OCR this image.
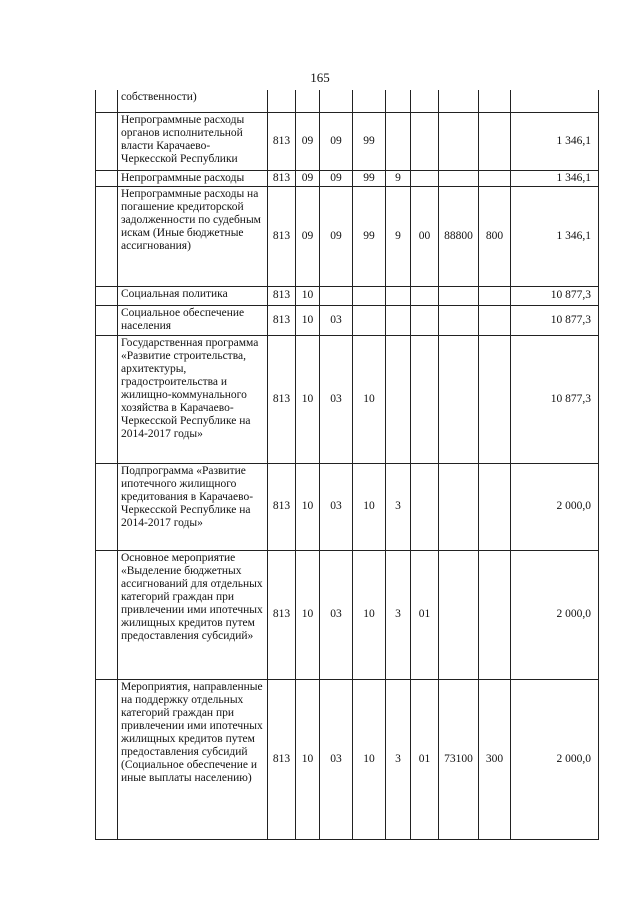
165
	собственности)									
	Непрограммные расходы органов исполнительной власти Карачаево-Черкесской Республики	813	09	09	99					1 346,1
	Непрограммные расходы	813	09	09	99	9				1 346,1
	Непрограммные расходы на погашение кредиторской задолженности по судебным искам (Иные бюджетные ассигнования)	813	09	09	99	9	00	88800	800	1 346,1
	Социальная политика	813	10							10 877,3
	Социальное обеспечение населения	813	10	03						10 877,3
	Государственная программа «Развитие строительства, архитектуры, градостроительства и жилищно-коммунального хозяйства в Карачаево-Черкесской Республике на 2014-2017 годы»	813	10	03	10					10 877,3
	Подпрограмма «Развитие ипотечного жилищного кредитования в Карачаево-Черкесской Республике на 2014-2017 годы»	813	10	03	10	3				2 000,0
	Основное мероприятие «Выделение бюджетных ассигнований для отдельных категорий граждан при привлечении ими ипотечных жилищных кредитов путем предоставления субсидий»	813	10	03	10	3	01			2 000,0
	Мероприятия, направленные на поддержку отдельных категорий граждан при привлечении ими ипотечных жилищных кредитов путем предоставления субсидий (Социальное обеспечение и иные выплаты населению)	813	10	03	10	3	01	73100	300	2 000,0
